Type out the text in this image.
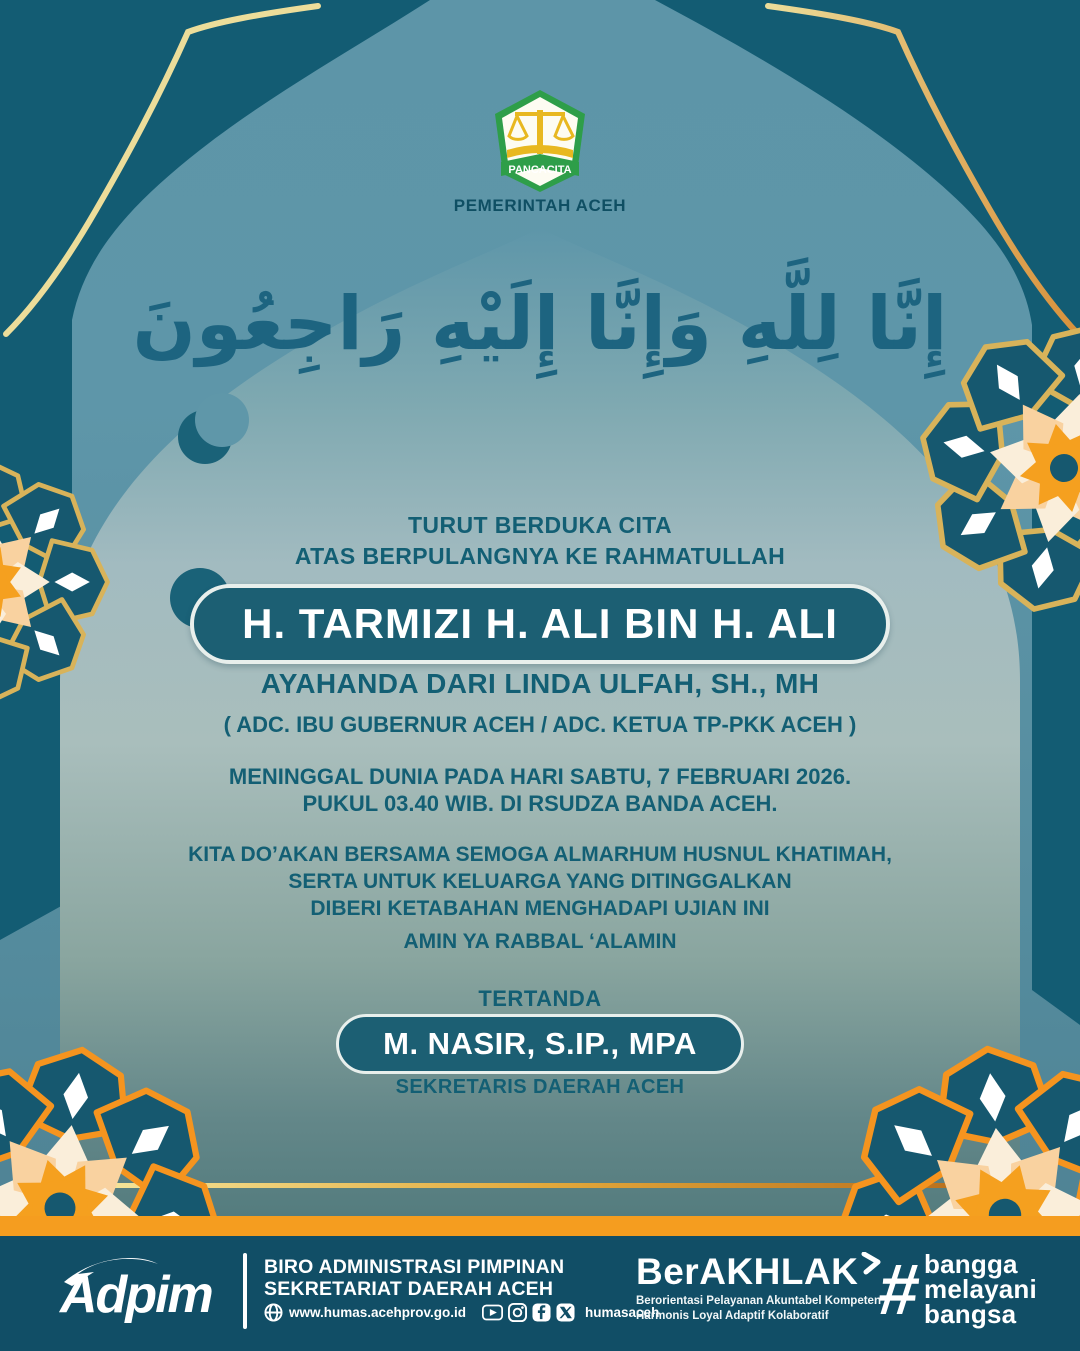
PANCACITA
PEMERINTAH ACEH
إِنَّا لِلَّهِ وَإِنَّا إِلَيْهِ رَاجِعُونَ
TURUT BERDUKA CITA
ATAS BERPULANGNYA KE RAHMATULLAH
H. TARMIZI H. ALI BIN H. ALI
AYAHANDA DARI LINDA ULFAH, SH., MH
( ADC. IBU GUBERNUR ACEH / ADC. KETUA TP-PKK ACEH )
MENINGGAL DUNIA PADA HARI SABTU, 7 FEBRUARI 2026.
PUKUL 03.40 WIB. DI RSUDZA BANDA ACEH.
KITA DO’AKAN BERSAMA SEMOGA ALMARHUM HUSNUL KHATIMAH,
SERTA UNTUK KELUARGA YANG DITINGGALKAN
DIBERI KETABAHAN MENGHADAPI UJIAN INI
AMIN YA RABBAL ‘ALAMIN
TERTANDA
M. NASIR, S.IP., MPA
SEKRETARIS DAERAH ACEH
Adpim	BIRO ADMINISTRASI PIMPINAN
SEKRETARIAT DAERAH ACEH
www.humas.acehprov.go.id	humasaceh
BerAKHLAK
Berorientasi Pelayanan Akuntabel Kompeten
Harmonis Loyal Adaptif Kolaboratif # bangga
melayani
bangsa
